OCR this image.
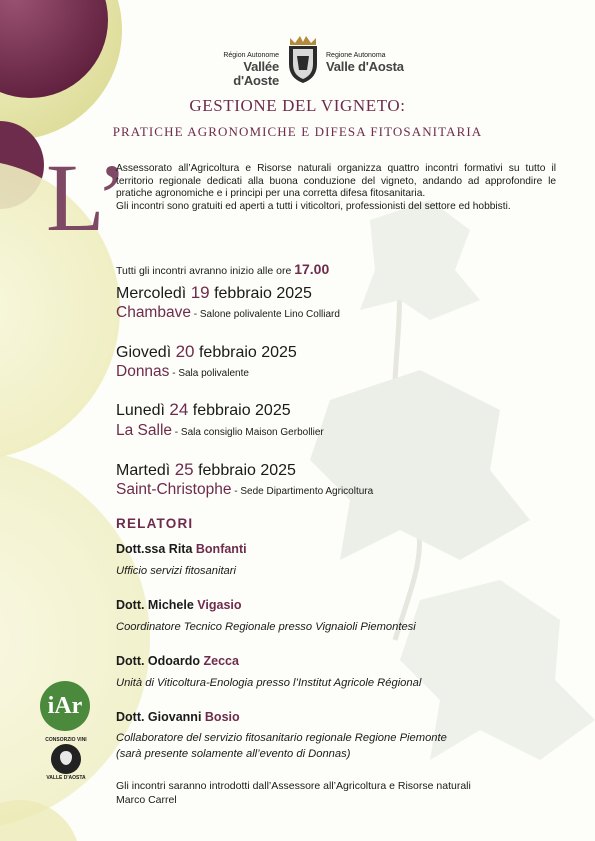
Région Autonome
Vallée d'Aoste
Regione Autonoma
Valle d'Aosta
GESTIONE DEL VIGNETO:
PRATICHE AGRONOMICHE E DIFESA FITOSANITARIA
L’

Assessorato all’Agricoltura e Risorse naturali organizza quattro incontri formativi su tutto il territorio regionale dedicati alla buona conduzione del vigneto, andando ad approfondire le pratiche agronomiche e i principi per una corretta difesa fitosanitaria.

Gli incontri sono gratuiti ed aperti a tutti i viticoltori, professionisti del settore ed hobbisti.

Tutti gli incontri avranno inizio alle ore 17.00
Mercoledì 19 febbraio 2025
Chambave - Salone polivalente Lino Colliard
Giovedì 20 febbraio 2025
Donnas - Sala polivalente
Lunedì 24 febbraio 2025
La Salle - Sala consiglio Maison Gerbollier
Martedì 25 febbraio 2025
Saint-Christophe - Sede Dipartimento Agricoltura
RELATORI
Dott.ssa Rita Bonfanti
Ufficio servizi fitosanitari
Dott. Michele Vigasio
Coordinatore Tecnico Regionale presso Vignaioli Piemontesi
Dott. Odoardo Zecca
Unità di Viticoltura-Enologia presso l’Institut Agricole Régional
Dott. Giovanni Bosio
Collaboratore del servizio fitosanitario regionale Regione Piemonte
(sarà presente solamente all’evento di Donnas)
Gli incontri saranno introdotti dall’Assessore all’Agricoltura e Risorse naturali
Marco Carrel
iAr
CONSORZIO VINI
VALLE D'AOSTA
